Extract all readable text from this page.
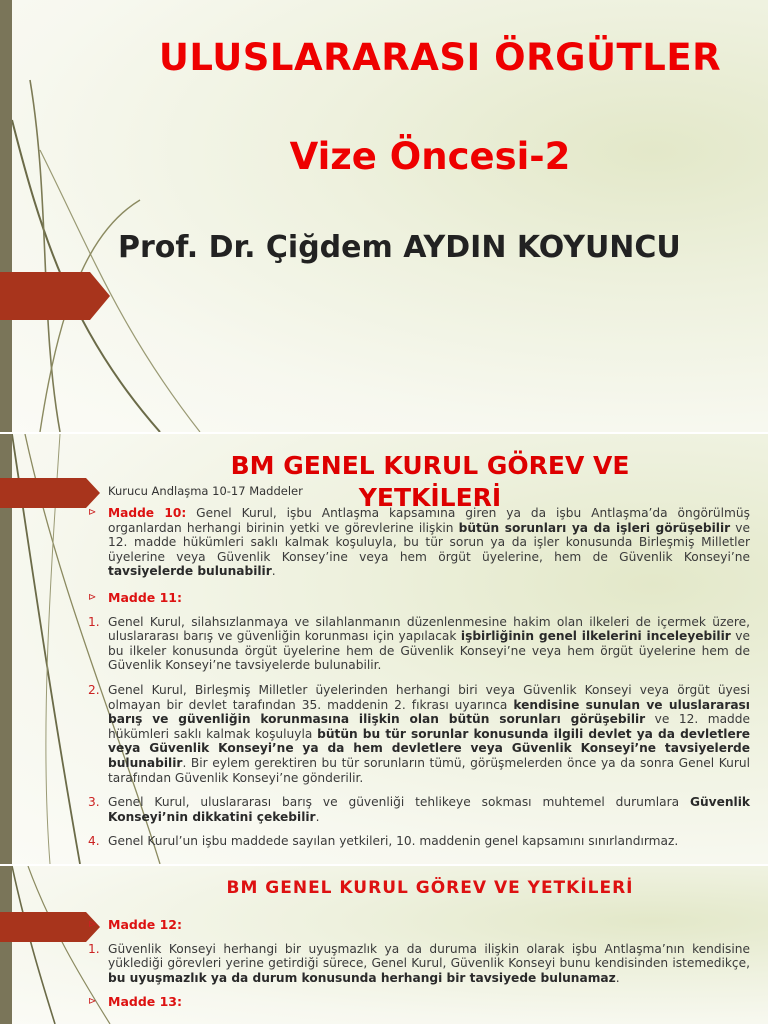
ULUSLARARASI ÖRGÜTLER
Vize Öncesi-2
Prof. Dr. Çiğdem AYDIN KOYUNCU
BM GENEL KURUL GÖREV VE
YETKİLERİ
Kurucu Andlaşma 10-17 Maddeler
⊳ Madde 10: Genel Kurul, işbu Antlaşma kapsamına giren ya da işbu Antlaşma’da öngörülmüş organlardan herhangi birinin yetki ve görevlerine ilişkin bütün sorunları ya da işleri görüşebilir ve 12. madde hükümleri saklı kalmak koşuluyla, bu tür sorun ya da işler konusunda Birleşmiş Milletler üyelerine veya Güvenlik Konsey’ine veya hem örgüt üyelerine, hem de Güvenlik Konseyi’ne tavsiyelerde bulunabilir.
⊳ Madde 11:
1. Genel Kurul, silahsızlanmaya ve silahlanmanın düzenlenmesine hakim olan ilkeleri de içermek üzere, uluslararası barış ve güvenliğin korunması için yapılacak işbirliğinin genel ilkelerini inceleyebilir ve bu ilkeler konusunda örgüt üyelerine hem de Güvenlik Konseyi’ne veya hem örgüt üyelerine hem de Güvenlik Konseyi’ne tavsiyelerde bulunabilir.
2. Genel Kurul, Birleşmiş Milletler üyelerinden herhangi biri veya Güvenlik Konseyi veya örgüt üyesi olmayan bir devlet tarafından 35. maddenin 2. fıkrası uyarınca kendisine sunulan ve uluslararası barış ve güvenliğin korunmasına ilişkin olan bütün sorunları görüşebilir ve 12. madde hükümleri saklı kalmak koşuluyla bütün bu tür sorunlar konusunda ilgili devlet ya da devletlere veya Güvenlik Konseyi’ne ya da hem devletlere veya Güvenlik Konseyi’ne tavsiyelerde bulunabilir. Bir eylem gerektiren bu tür sorunların tümü, görüşmelerden önce ya da sonra Genel Kurul tarafından Güvenlik Konseyi’ne gönderilir.
3. Genel Kurul, uluslararası barış ve güvenliği tehlikeye sokması muhtemel durumlara Güvenlik Konseyi’nin dikkatini çekebilir.
4. Genel Kurul’un işbu maddede sayılan yetkileri, 10. maddenin genel kapsamını sınırlandırmaz.
BM GENEL KURUL GÖREV VE YETKİLERİ
⊳ Madde 12:
1. Güvenlik Konseyi herhangi bir uyuşmazlık ya da duruma ilişkin olarak işbu Antlaşma’nın kendisine yüklediği görevleri yerine getirdiği sürece, Genel Kurul, Güvenlik Konseyi bunu kendisinden istemedikçe, bu uyuşmazlık ya da durum konusunda herhangi bir tavsiyede bulunamaz.
⊳ Madde 13:
